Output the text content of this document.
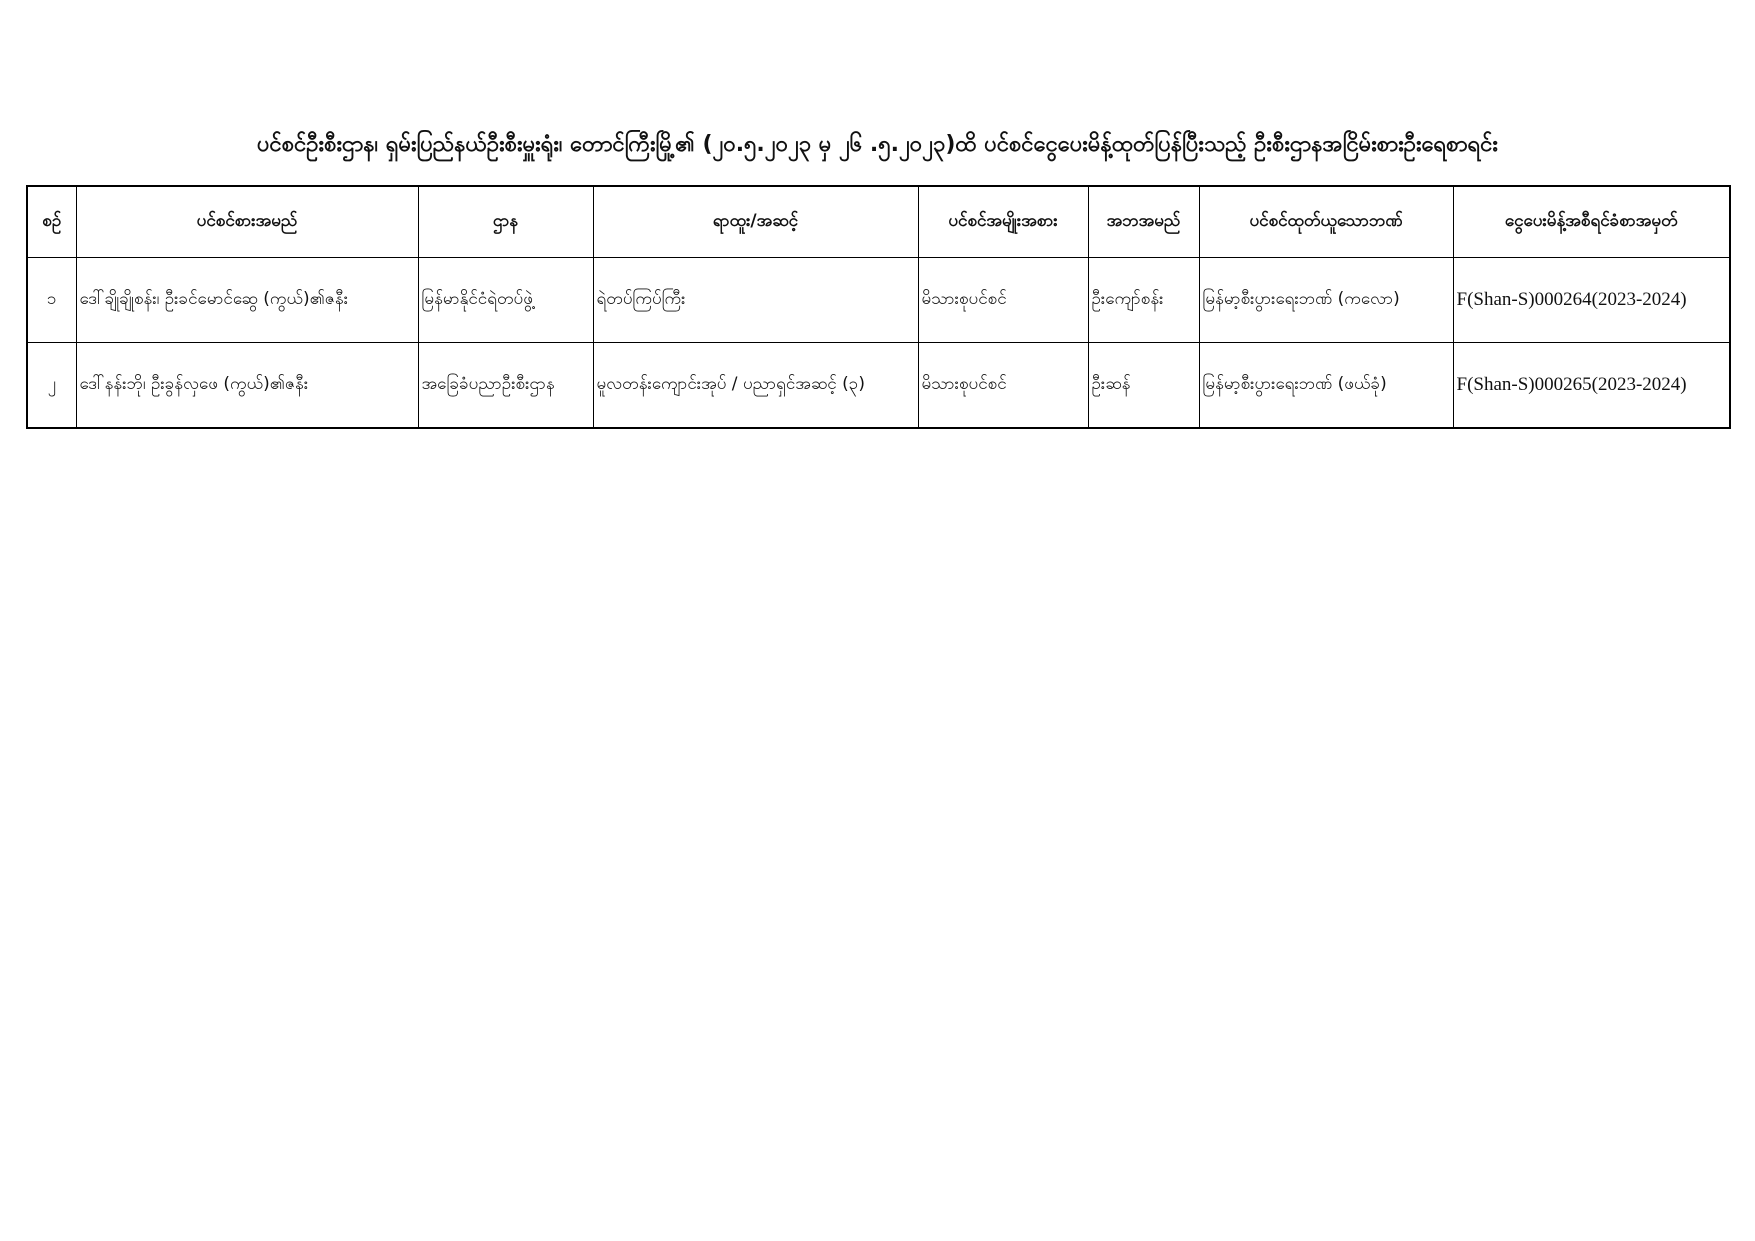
ပင်စင်ဦးစီးဌာန၊ ရှမ်းပြည်နယ်ဦးစီးမှူးရုံး၊ တောင်ကြီးမြို့၏ (၂၀.၅.၂၀၂၃ မှ ၂၆ .၅.၂၀၂၃)ထိ ပင်စင်ငွေပေးမိန့်ထုတ်ပြန်ပြီးသည့် ဦးစီးဌာနအငြိမ်းစားဦးရေစာရင်း
စဉ်	ပင်စင်စားအမည်	ဌာန	ရာထူး/အဆင့်	ပင်စင်အမျိုးအစား	အဘအမည်	ပင်စင်ထုတ်ယူသောဘဏ်	ငွေပေးမိန့်အစီရင်ခံစာအမှတ်
၁	ဒေါ်ချိုချိုစန်း၊ ဦးခင်မောင်ဆွေ (ကွယ်)၏ဇနီး	မြန်မာနိုင်ငံရဲတပ်ဖွဲ့	ရဲတပ်ကြပ်ကြီး	မိသားစုပင်စင်	ဦးကျော်စန်း	မြန်မာ့စီးပွားရေးဘဏ် (ကလော)	F(Shan-S)000264(2023-2024)
၂	ဒေါ်နန်းဘို၊ ဦးခွန်လှဖေ (ကွယ်)၏ဇနီး	အခြေခံပညာဦးစီးဌာန	မူလတန်းကျောင်းအုပ် / ပညာရှင်အဆင့် (၃)	မိသားစုပင်စင်	ဦးဆန်	မြန်မာ့စီးပွားရေးဘဏ် (ဖယ်ခုံ)	F(Shan-S)000265(2023-2024)
